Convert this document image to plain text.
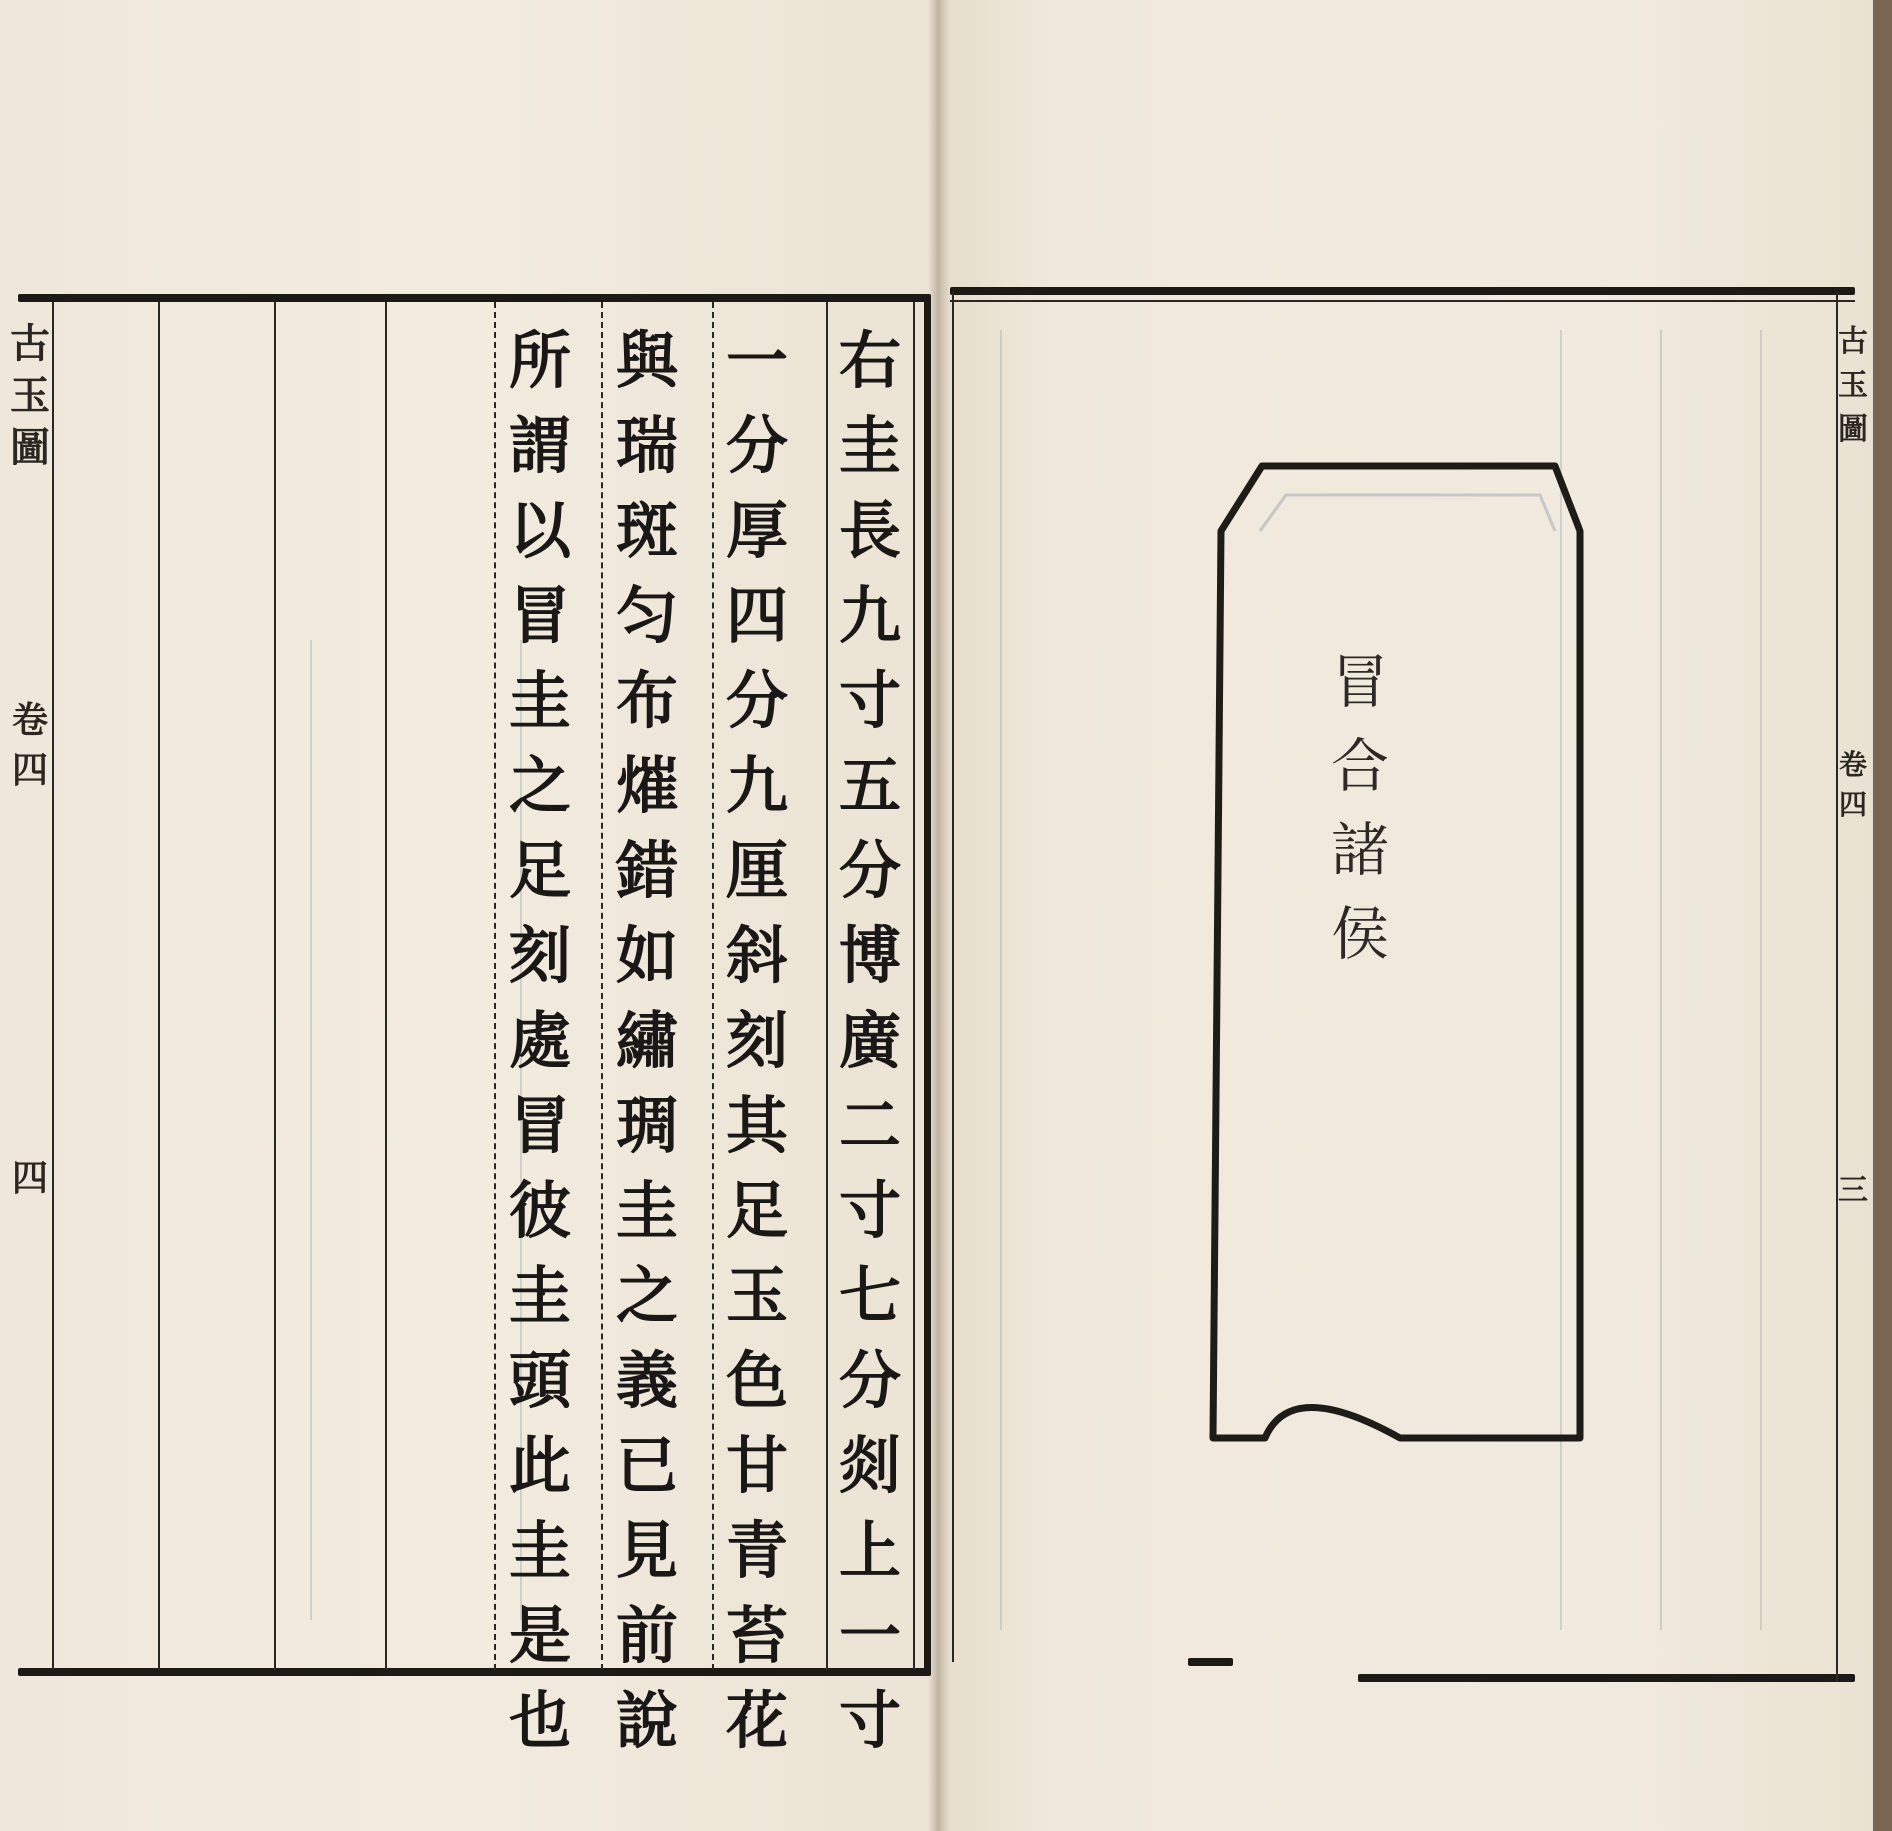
古
玉
圖
卷
四
四
右
圭
長
九
寸
五
分
博
廣
二
寸
七
分
剡
上
一
寸
一
分
厚
四
分
九
厘
斜
刻
其
足
玉
色
甘
青
苔
花
與
瑞
斑
匀
布
熣
錯
如
繡
琱
圭
之
義
已
見
前
說
所
謂
以
冒
圭
之
足
刻
處
冒
彼
圭
頭
此
圭
是
也
冒
合
諸
侯
古
玉
圖
卷
四
三
